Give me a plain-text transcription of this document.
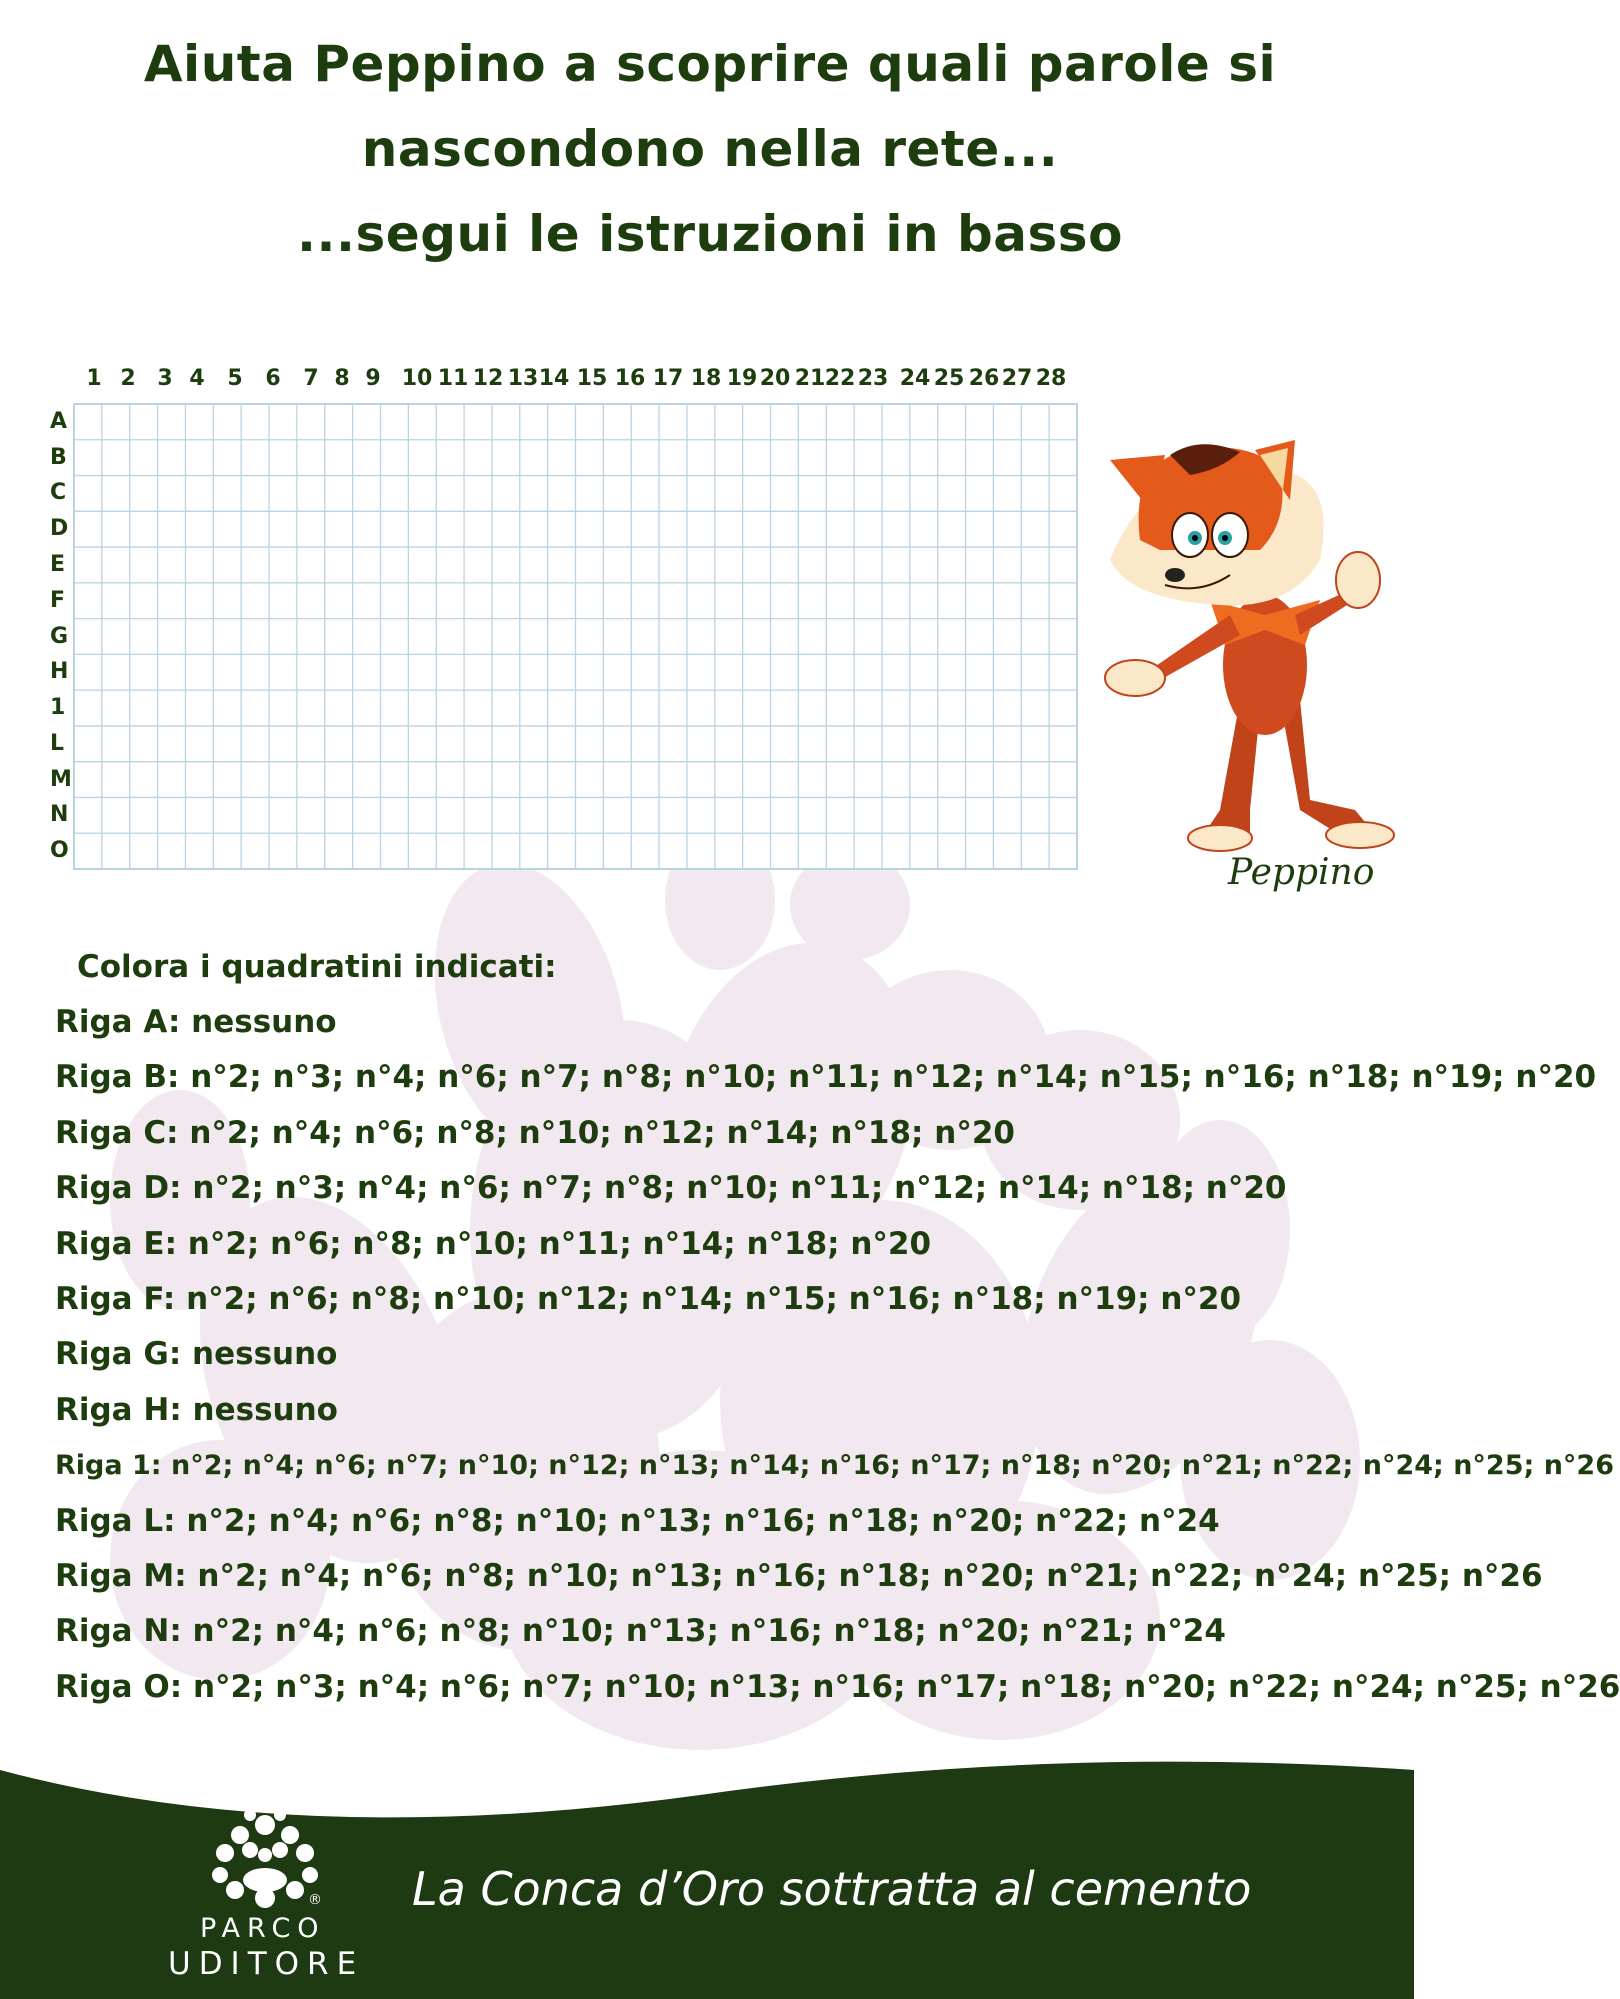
Aiuta Peppino a scoprire quali parole si
nascondono nella rete...
...segui le istruzioni in basso
1 2 3 4 5 6 7 8 9 10 11 12 13 14 15 16 17 18 19 20 21 22 23 24 25 26 27 28
A
B
C
D
E
F
G
H
1
L
M
N
O
Peppino
Colora i quadratini indicati:
Riga A: nessuno
Riga B: n°2; n°3; n°4; n°6; n°7; n°8; n°10; n°11; n°12; n°14; n°15; n°16; n°18; n°19; n°20
Riga C: n°2; n°4; n°6; n°8; n°10; n°12; n°14; n°18; n°20
Riga D: n°2; n°3; n°4; n°6; n°7; n°8; n°10; n°11; n°12; n°14; n°18; n°20
Riga E: n°2; n°6; n°8; n°10; n°11; n°14; n°18; n°20
Riga F: n°2; n°6; n°8; n°10; n°12; n°14; n°15; n°16; n°18; n°19; n°20
Riga G: nessuno
Riga H: nessuno
Riga 1: n°2; n°4; n°6; n°7; n°10; n°12; n°13; n°14; n°16; n°17; n°18; n°20; n°21; n°22; n°24; n°25; n°26
Riga L: n°2; n°4; n°6; n°8; n°10; n°13; n°16; n°18; n°20; n°22; n°24
Riga M: n°2; n°4; n°6; n°8; n°10; n°13; n°16; n°18; n°20; n°21; n°22; n°24; n°25; n°26
Riga N: n°2; n°4; n°6; n°8; n°10; n°13; n°16; n°18; n°20; n°21; n°24
Riga O: n°2; n°3; n°4; n°6; n°7; n°10; n°13; n°16; n°17; n°18; n°20; n°22; n°24; n°25; n°26
®
PARCO
UDITORE
La Conca d’Oro sottratta al cemento
